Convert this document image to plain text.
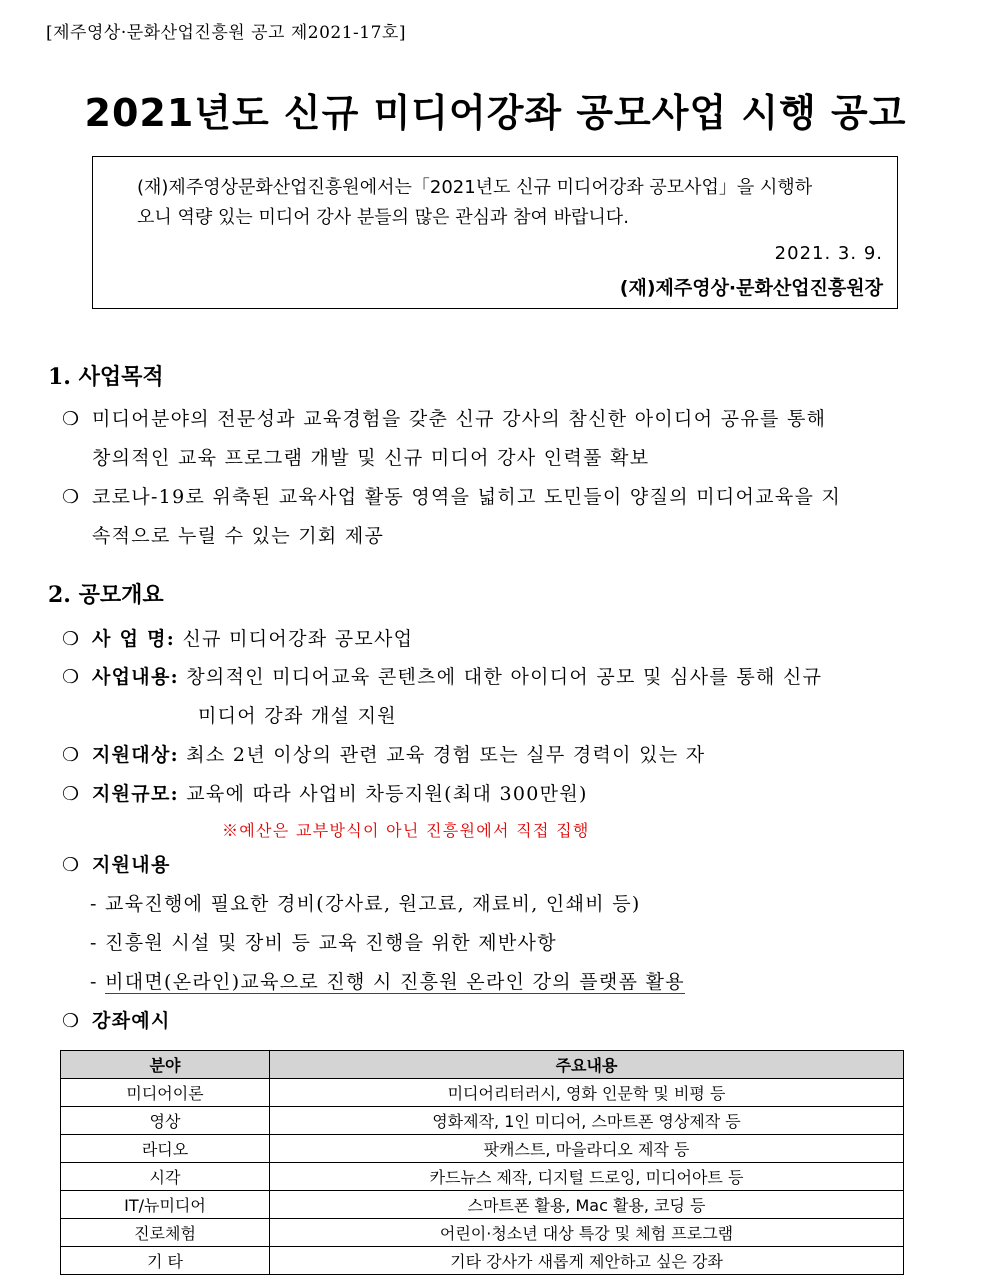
[제주영상·문화산업진흥원 공고 제2021-17호]
2021년도 신규 미디어강좌 공모사업 시행 공고
(재)제주영상문화산업진흥원에서는「2021년도 신규 미디어강좌 공모사업」을 시행하
오니 역량 있는 미디어 강사 분들의 많은 관심과 참여 바랍니다.
2021. 3. 9.
(재)제주영상·문화산업진흥원장
1. 사업목적
❍ 미디어분야의 전문성과 교육경험을 갖춘 신규 강사의 참신한 아이디어 공유를 통해
창의적인 교육 프로그램 개발 및 신규 미디어 강사 인력풀 확보
❍ 코로나-19로 위축된 교육사업 활동 영역을 넓히고 도민들이 양질의 미디어교육을 지
속적으로 누릴 수 있는 기회 제공
2. 공모개요
❍ 사 업 명: 신규 미디어강좌 공모사업
❍ 사업내용: 창의적인 미디어교육 콘텐츠에 대한 아이디어 공모 및 심사를 통해 신규
미디어 강좌 개설 지원
❍ 지원대상: 최소 2년 이상의 관련 교육 경험 또는 실무 경력이 있는 자
❍ 지원규모: 교육에 따라 사업비 차등지원(최대 300만원)
※예산은 교부방식이 아닌 진흥원에서 직접 집행
❍ 지원내용
- 교육진행에 필요한 경비(강사료, 원고료, 재료비, 인쇄비 등)
- 진흥원 시설 및 장비 등 교육 진행을 위한 제반사항
- 비대면(온라인)교육으로 진행 시 진흥원 온라인 강의 플랫폼 활용
❍ 강좌예시
분야	주요내용
미디어이론	미디어리터러시, 영화 인문학 및 비평 등
영상	영화제작, 1인 미디어, 스마트폰 영상제작 등
라디오	팟캐스트, 마을라디오 제작 등
시각	카드뉴스 제작, 디지털 드로잉, 미디어아트 등
IT/뉴미디어	스마트폰 활용, Mac 활용, 코딩 등
진로체험	어린이·청소년 대상 특강 및 체험 프로그램
기 타	기타 강사가 새롭게 제안하고 싶은 강좌
